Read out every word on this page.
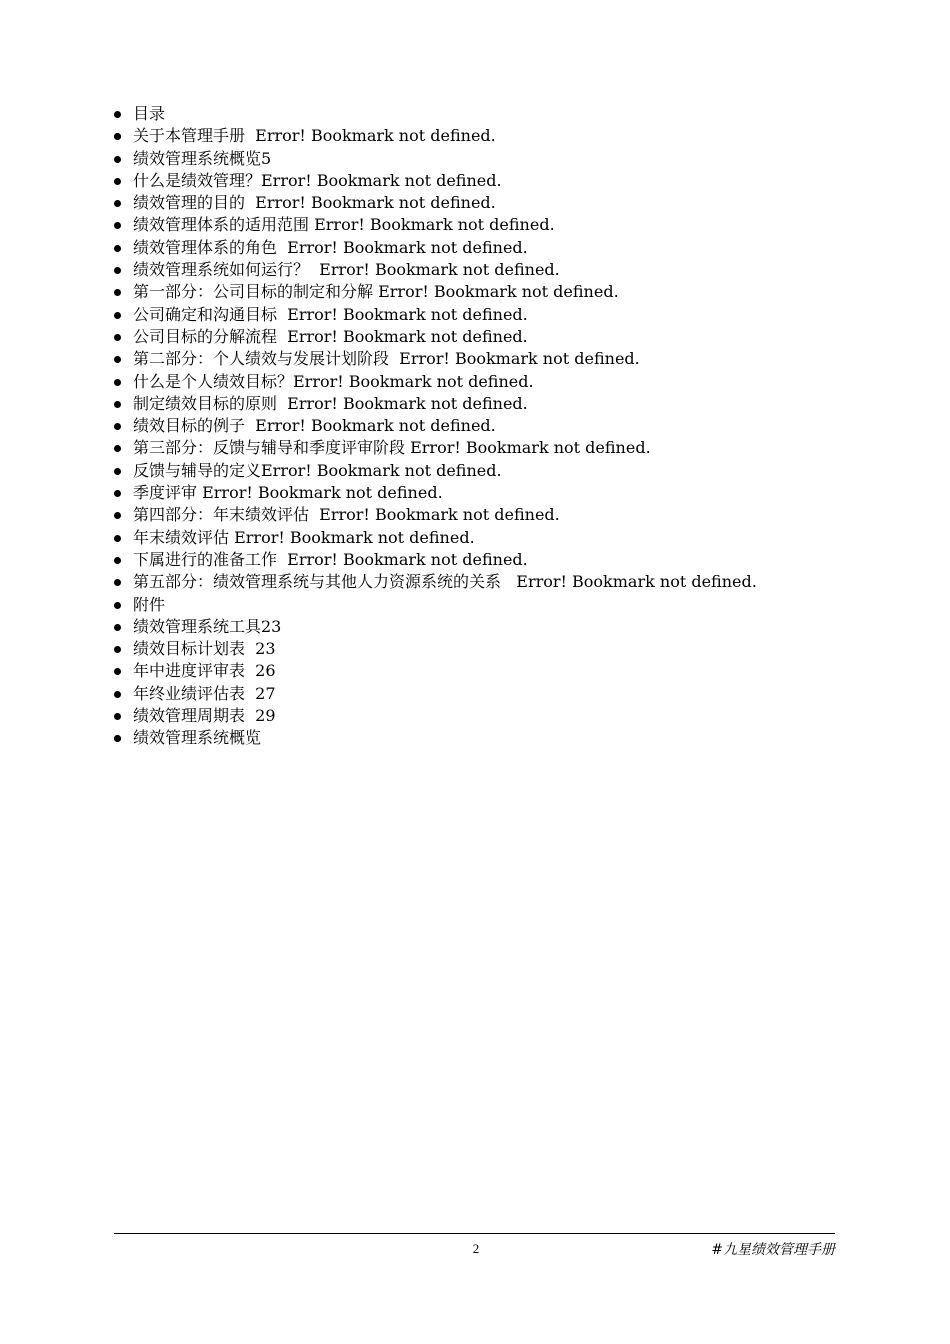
目录
关于本管理手册  Error! Bookmark not defined.
绩效管理系统概览5
什么是绩效管理？Error! Bookmark not defined.
绩效管理的目的  Error! Bookmark not defined.
绩效管理体系的适用范围 Error! Bookmark not defined.
绩效管理体系的角色  Error! Bookmark not defined.
绩效管理系统如何运行？  Error! Bookmark not defined.
第一部分：公司目标的制定和分解 Error! Bookmark not defined.
公司确定和沟通目标  Error! Bookmark not defined.
公司目标的分解流程  Error! Bookmark not defined.
第二部分：个人绩效与发展计划阶段  Error! Bookmark not defined.
什么是个人绩效目标？Error! Bookmark not defined.
制定绩效目标的原则  Error! Bookmark not defined.
绩效目标的例子  Error! Bookmark not defined.
第三部分：反馈与辅导和季度评审阶段 Error! Bookmark not defined.
反馈与辅导的定义Error! Bookmark not defined.
季度评审 Error! Bookmark not defined.
第四部分：年末绩效评估  Error! Bookmark not defined.
年末绩效评估 Error! Bookmark not defined.
下属进行的准备工作  Error! Bookmark not defined.
第五部分：绩效管理系统与其他人力资源系统的关系   Error! Bookmark not defined.
附件
绩效管理系统工具23
绩效目标计划表  23
年中进度评审表  26
年终业绩评估表  27
绩效管理周期表  29
绩效管理系统概览
2	#九星绩效管理手册
